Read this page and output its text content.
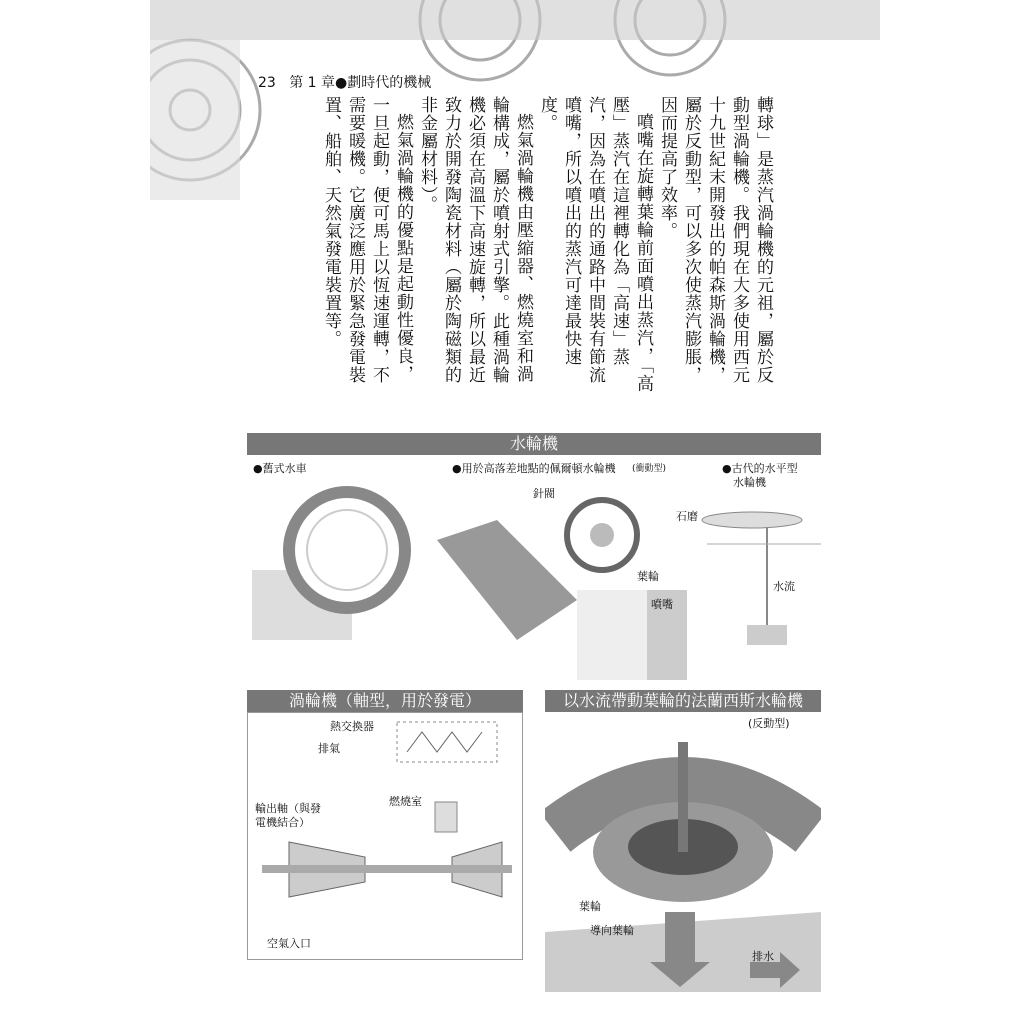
23 第 1 章●劃時代的機械

轉球」是蒸汽渦輪機的元祖，屬於反動型渦輪機。我們現在大多使用西元十九世紀末開發出的帕森斯渦輪機，屬於反動型，可以多次使蒸汽膨脹，因而提高了效率。

噴嘴在旋轉葉輪前面噴出蒸汽，「高壓」蒸汽在這裡轉化為「高速」蒸汽，因為在噴出的通路中間裝有節流噴嘴，所以噴出的蒸汽可達最快速度。

燃氣渦輪機由壓縮器、燃燒室和渦輪構成，屬於噴射式引擎。此種渦輪機必須在高溫下高速旋轉，所以最近致力於開發陶瓷材料（屬於陶磁類的非金屬材料）。

燃氣渦輪機的優點是起動性優良，一旦起動，便可馬上以恆速運轉，不需要暖機。它廣泛應用於緊急發電裝置、船舶、天然氣發電裝置等。

水輪機
●舊式水車	●用於高落差地點的佩爾頓水輪機 (衝動型)	●古代的水平型
水輪機
針閥
葉輪
噴嘴
石磨
水流
渦輪機（軸型，用於發電）
熱交換器
排氣
燃燒室
輸出軸（與發
電機結合）
空氣入口
以水流帶動葉輪的法蘭西斯水輪機
(反動型)
葉輪
導向葉輪
排水
